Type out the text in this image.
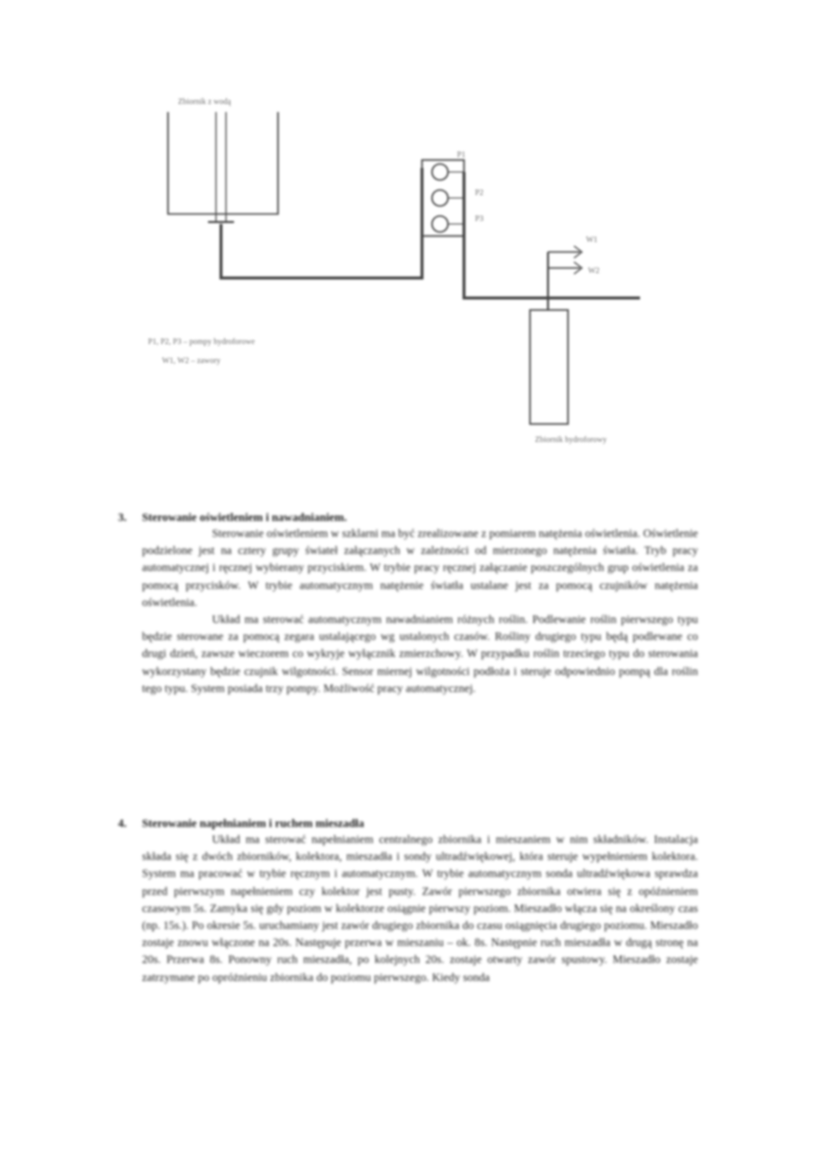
Zbiornik z wodą
P1
P2
P3
W1
W2
P1, P2, P3 – pompy hydroforowe
W1, W2 – zawory
Zbiornik hydroforowy

3. Sterowanie oświetleniem i nawadnianiem.

Sterowanie oświetleniem w szklarni ma być zrealizowane z pomiarem natężenia oświetlenia. Oświetlenie podzielone jest na cztery grupy świateł załączanych w zależności od mierzonego natężenia światła. Tryb pracy automatycznej i ręcznej wybierany przyciskiem. W trybie pracy ręcznej załączanie poszczególnych grup oświetlenia za pomocą przycisków. W trybie automatycznym natężenie światła ustalane jest za pomocą czujników natężenia oświetlenia.

Układ ma sterować automatycznym nawadnianiem różnych roślin. Podlewanie roślin pierwszego typu będzie sterowane za pomocą zegara ustalającego wg ustalonych czasów. Rośliny drugiego typu będą podlewane co drugi dzień, zawsze wieczorem co wykryje wyłącznik zmierzchowy. W przypadku roślin trzeciego typu do sterowania wykorzystany będzie czujnik wilgotności. Sensor miernej wilgotności podłoża i steruje odpowiednio pompą dla roślin tego typu. System posiada trzy pompy. Możliwość pracy automatycznej.

4. Sterowanie napełnianiem i ruchem mieszadła

Układ ma sterować napełnianiem centralnego zbiornika i mieszaniem w nim składników. Instalacja składa się z dwóch zbiorników, kolektora, mieszadła i sondy ultradźwiękowej, która steruje wypełnieniem kolektora. System ma pracować w trybie ręcznym i automatycznym. W trybie automatycznym sonda ultradźwiękowa sprawdza przed pierwszym napełnieniem czy kolektor jest pusty. Zawór pierwszego zbiornika otwiera się z opóźnieniem czasowym 5s. Zamyka się gdy poziom w kolektorze osiągnie pierwszy poziom. Mieszadło włącza się na określony czas (np. 15s.). Po okresie 5s. uruchamiany jest zawór drugiego zbiornika do czasu osiągnięcia drugiego poziomu. Mieszadło zostaje znowu włączone na 20s. Następuje przerwa w mieszaniu – ok. 8s. Następnie ruch mieszadła w drugą stronę na 20s. Przerwa 8s. Ponowny ruch mieszadła, po kolejnych 20s. zostaje otwarty zawór spustowy. Mieszadło zostaje zatrzymane po opróżnieniu zbiornika do poziomu pierwszego. Kiedy sonda
